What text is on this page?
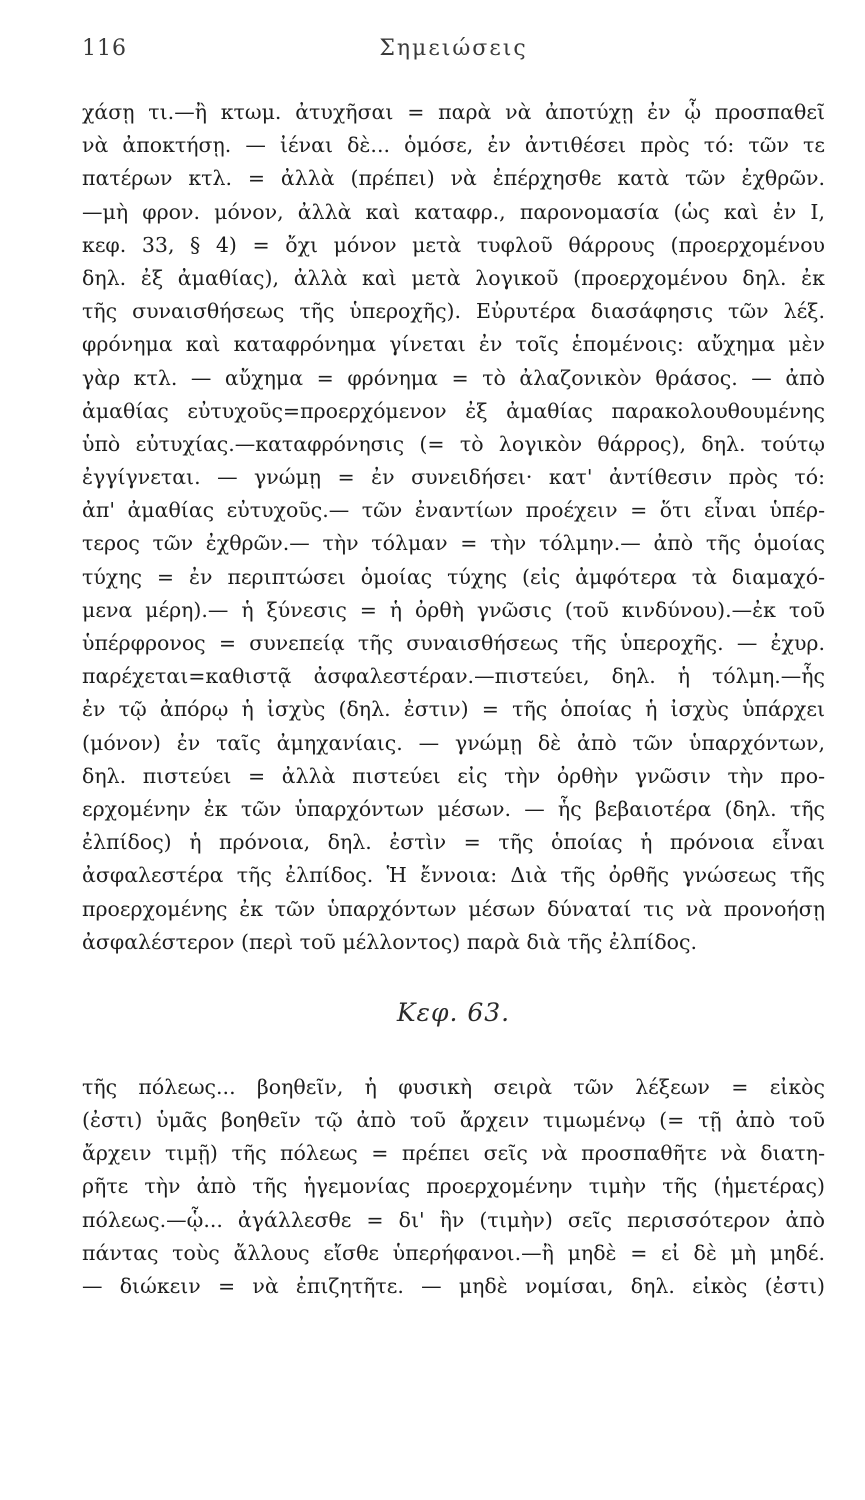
116	Σημειώσεις
χάσῃ τι.—ἢ κτωμ. ἀτυχῆσαι = παρὰ νὰ ἀποτύχῃ ἐν ᾧ προσπαθεῖ
νὰ ἀποκτήσῃ. — ἰέναι δὲ... ὁμόσε, ἐν ἀντιθέσει πρὸς τό: τῶν τε
πατέρων κτλ. = ἀλλὰ (πρέπει) νὰ ἐπέρχησθε κατὰ τῶν ἐχθρῶν.
—μὴ φρον. μόνον, ἀλλὰ καὶ καταφρ., παρονομασία (ὡς καὶ ἐν Ι,
κεφ. 33, § 4) = ὄχι μόνον μετὰ τυφλοῦ θάρρους (προερχομένου
δηλ. ἐξ ἀμαθίας), ἀλλὰ καὶ μετὰ λογικοῦ (προερχομένου δηλ. ἐκ
τῆς συναισθήσεως τῆς ὑπεροχῆς). Εὐρυτέρα διασάφησις τῶν λέξ.
φρόνημα καὶ καταφρόνημα γίνεται ἐν τοῖς ἑπομένοις: αὔχημα μὲν
γὰρ κτλ. — αὔχημα = φρόνημα = τὸ ἀλαζονικὸν θράσος. — ἀπὸ
ἀμαθίας εὐτυχοῦς=προερχόμενον ἐξ ἀμαθίας παρακολουθουμένης
ὑπὸ εὐτυχίας.—καταφρόνησις (= τὸ λογικὸν θάρρος), δηλ. τούτῳ
ἐγγίγνεται. — γνώμῃ = ἐν συνειδήσει· κατ' ἀντίθεσιν πρὸς τό:
ἀπ' ἀμαθίας εὐτυχοῦς.— τῶν ἐναντίων προέχειν = ὅτι εἶναι ὑπέρ-
τερος τῶν ἐχθρῶν.— τὴν τόλμαν = τὴν τόλμην.— ἀπὸ τῆς ὁμοίας
τύχης = ἐν περιπτώσει ὁμοίας τύχης (εἰς ἀμφότερα τὰ διαμαχό-
μενα μέρη).— ἡ ξύνεσις = ἡ ὀρθὴ γνῶσις (τοῦ κινδύνου).—ἐκ τοῦ
ὑπέρφρονος = συνεπείᾳ τῆς συναισθήσεως τῆς ὑπεροχῆς. — ἐχυρ.
παρέχεται=καθιστᾷ ἀσφαλεστέραν.—πιστεύει, δηλ. ἡ τόλμη.—ἧς
ἐν τῷ ἀπόρῳ ἡ ἰσχὺς (δηλ. ἐστιν) = τῆς ὁποίας ἡ ἰσχὺς ὑπάρχει
(μόνον) ἐν ταῖς ἀμηχανίαις. — γνώμῃ δὲ ἀπὸ τῶν ὑπαρχόντων,
δηλ. πιστεύει = ἀλλὰ πιστεύει εἰς τὴν ὀρθὴν γνῶσιν τὴν προ-
ερχομένην ἐκ τῶν ὑπαρχόντων μέσων. — ἧς βεβαιοτέρα (δηλ. τῆς
ἐλπίδος) ἡ πρόνοια, δηλ. ἐστὶν = τῆς ὁποίας ἡ πρόνοια εἶναι
ἀσφαλεστέρα τῆς ἐλπίδος. Ἡ ἔννοια: Διὰ τῆς ὀρθῆς γνώσεως τῆς
προερχομένης ἐκ τῶν ὑπαρχόντων μέσων δύναταί τις νὰ προνοήσῃ
ἀσφαλέστερον (περὶ τοῦ μέλλοντος) παρὰ διὰ τῆς ἐλπίδος.
Κεφ. 63.
τῆς πόλεως... βοηθεῖν, ἡ φυσικὴ σειρὰ τῶν λέξεων = εἰκὸς
(ἐστι) ὑμᾶς βοηθεῖν τῷ ἀπὸ τοῦ ἄρχειν τιμωμένῳ (= τῇ ἀπὸ τοῦ
ἄρχειν τιμῇ) τῆς πόλεως = πρέπει σεῖς νὰ προσπαθῆτε νὰ διατη-
ρῆτε τὴν ἀπὸ τῆς ἡγεμονίας προερχομένην τιμὴν τῆς (ἡμετέρας)
πόλεως.—ᾧ... ἀγάλλεσθε = δι' ἣν (τιμὴν) σεῖς περισσότερον ἀπὸ
πάντας τοὺς ἄλλους εἴσθε ὑπερήφανοι.—ἢ μηδὲ = εἰ δὲ μὴ μηδέ.
— διώκειν = νὰ ἐπιζητῆτε. — μηδὲ νομίσαι, δηλ. εἰκὸς (ἐστι)
